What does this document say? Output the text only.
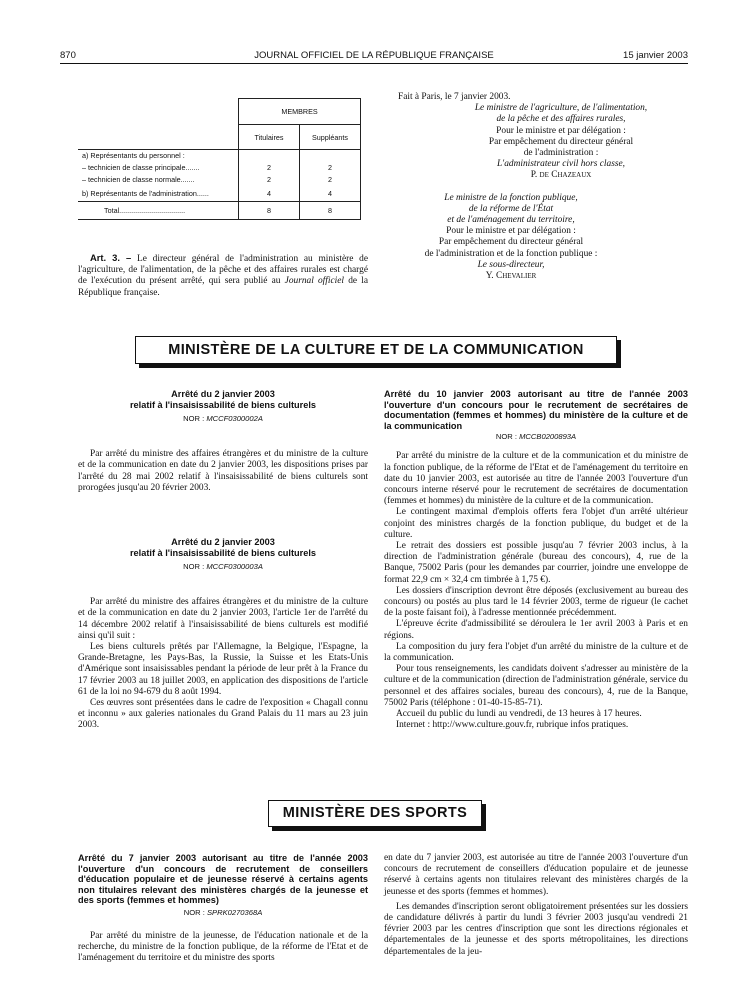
870	JOURNAL OFFICIEL DE LA RÉPUBLIQUE FRANÇAISE	15 janvier 2003
	MEMBRES	
	Titulaires	Suppléants
a) Représentants du personnel :		
– technicien de classe principale.......	2	2
– technicien de classe normale.......	2	2
b) Représentants de l'administration......	4	4
Total.................................	8	8

Art. 3. – Le directeur général de l'administration au ministère de l'agriculture, de l'alimentation, de la pêche et des affaires rurales est chargé de l'exécution du présent arrêté, qui sera publié au Journal officiel de la République française.

Fait à Paris, le 7 janvier 2003.
Le ministre de l'agriculture, de l'alimentation,
de la pêche et des affaires rurales,
Pour le ministre et par délégation :
Par empêchement du directeur général
de l'administration :
L'administrateur civil hors classe,
P. de Chazeaux
Le ministre de la fonction publique,
de la réforme de l'État
et de l'aménagement du territoire,
Pour le ministre et par délégation :
Par empêchement du directeur général
de l'administration et de la fonction publique :
Le sous-directeur,
Y. Chevalier
MINISTÈRE DE LA CULTURE ET DE LA COMMUNICATION
Arrêté du 2 janvier 2003
relatif à l'insaisissabilité de biens culturels
NOR : MCCF0300002A

Par arrêté du ministre des affaires étrangères et du ministre de la culture et de la communication en date du 2 janvier 2003, les dispositions prises par l'arrêté du 28 mai 2002 relatif à l'insaisissabilité de biens culturels sont prorogées jusqu'au 20 février 2003.

Arrêté du 2 janvier 2003
relatif à l'insaisissabilité de biens culturels
NOR : MCCF0300003A

Par arrêté du ministre des affaires étrangères et du ministre de la culture et de la communication en date du 2 janvier 2003, l'article 1er de l'arrêté du 14 décembre 2002 relatif à l'insaisissabilité de biens culturels est modifié ainsi qu'il suit :

Les biens culturels prêtés par l'Allemagne, la Belgique, l'Espagne, la Grande-Bretagne, les Pays-Bas, la Russie, la Suisse et les Etats-Unis d'Amérique sont insaisissables pendant la période de leur prêt à la France du 17 février 2003 au 18 juillet 2003, en application des dispositions de l'article 61 de la loi no 94-679 du 8 août 1994.

Ces œuvres sont présentées dans le cadre de l'exposition « Chagall connu et inconnu » aux galeries nationales du Grand Palais du 11 mars au 23 juin 2003.

Arrêté du 10 janvier 2003 autorisant au titre de l'année 2003 l'ouverture d'un concours pour le recrutement de secrétaires de documentation (femmes et hommes) du ministère de la culture et de la communication
NOR : MCCB0200893A

Par arrêté du ministre de la culture et de la communication et du ministre de la fonction publique, de la réforme de l'Etat et de l'aménagement du territoire en date du 10 janvier 2003, est autorisée au titre de l'année 2003 l'ouverture d'un concours interne réservé pour le recrutement de secrétaires de documentation (femmes et hommes) du ministère de la culture et de la communication.

Le contingent maximal d'emplois offerts fera l'objet d'un arrêté ultérieur conjoint des ministres chargés de la fonction publique, du budget et de la culture.

Le retrait des dossiers est possible jusqu'au 7 février 2003 inclus, à la direction de l'administration générale (bureau des concours), 4, rue de la Banque, 75002 Paris (pour les demandes par courrier, joindre une enveloppe de format 22,9 cm × 32,4 cm timbrée à 1,75 €).

Les dossiers d'inscription devront être déposés (exclusivement au bureau des concours) ou postés au plus tard le 14 février 2003, terme de rigueur (le cachet de la poste faisant foi), à l'adresse mentionnée précédemment.

L'épreuve écrite d'admissibilité se déroulera le 1er avril 2003 à Paris et en régions.

La composition du jury fera l'objet d'un arrêté du ministre de la culture et de la communication.

Pour tous renseignements, les candidats doivent s'adresser au ministère de la culture et de la communication (direction de l'administration générale, service du personnel et des affaires sociales, bureau des concours), 4, rue de la Banque, 75002 Paris (téléphone : 01-40-15-85-71).

Accueil du public du lundi au vendredi, de 13 heures à 17 heures.

Internet : http://www.culture.gouv.fr, rubrique infos pratiques.

MINISTÈRE DES SPORTS
Arrêté du 7 janvier 2003 autorisant au titre de l'année 2003 l'ouverture d'un concours de recrutement de conseillers d'éducation populaire et de jeunesse réservé à certains agents non titulaires relevant des ministères chargés de la jeunesse et des sports (femmes et hommes)
NOR : SPRK0270368A

Par arrêté du ministre de la jeunesse, de l'éducation nationale et de la recherche, du ministre de la fonction publique, de la réforme de l'Etat et de l'aménagement du territoire et du ministre des sports

en date du 7 janvier 2003, est autorisée au titre de l'année 2003 l'ouverture d'un concours de recrutement de conseillers d'éducation populaire et de jeunesse réservé à certains agents non titulaires relevant des ministères chargés de la jeunesse et des sports (femmes et hommes).

Les demandes d'inscription seront obligatoirement présentées sur les dossiers de candidature délivrés à partir du lundi 3 février 2003 jusqu'au vendredi 21 février 2003 par les centres d'inscription que sont les directions régionales et départementales de la jeunesse et des sports métropolitaines, les directions départementales de la jeu-
